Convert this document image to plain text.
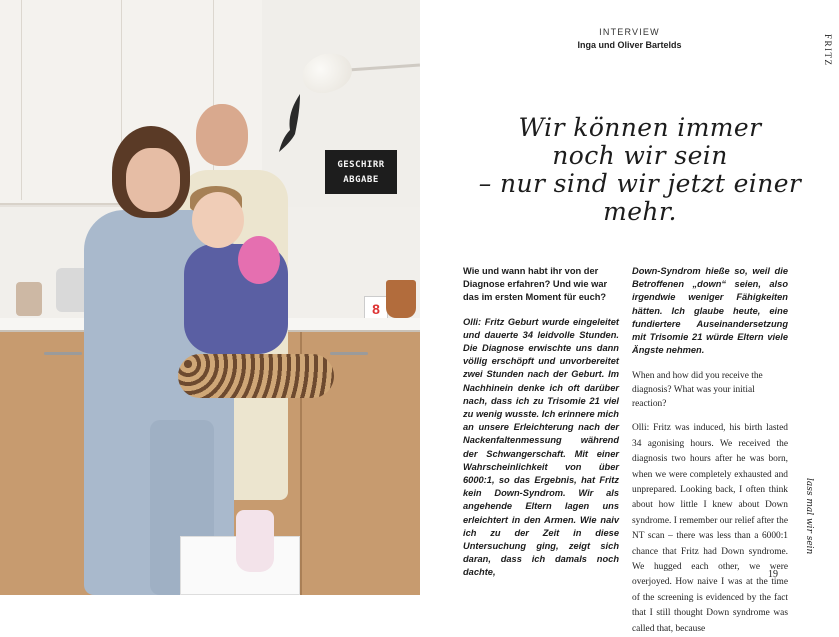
GESCHIRR
ABGABE
8
INTERVIEW
Inga und Oliver Bartelds	FRITZ
Wir können immer
noch wir sein
– nur sind wir jetzt einer
mehr.

Wie und wann habt ihr von der Diagnose erfahren? Und wie war das im ersten Moment für euch?

Olli: Fritz Geburt wurde eingeleitet und dauerte 34 leidvolle Stunden. Die Diagnose erwischte uns dann völlig erschöpft und unvorbereitet zwei Stunden nach der Geburt. Im Nachhinein denke ich oft darüber nach, dass ich zu Trisomie 21 viel zu wenig wusste. Ich erinnere mich an unsere Erleichterung nach der Nackenfaltenmessung während der Schwangerschaft. Mit einer Wahrscheinlichkeit von über 6000:1, so das Ergebnis, hat Fritz kein Down-Syndrom. Wir als angehende Eltern lagen uns erleichtert in den Armen. Wie naiv ich zu der Zeit in diese Untersuchung ging, zeigt sich daran, dass ich damals noch dachte,

Down-Syndrom hieße so, weil die Betroffenen „down“ seien, also irgendwie weniger Fähigkeiten hätten. Ich glaube heute, eine fundiertere Auseinandersetzung mit Trisomie 21 würde Eltern viele Ängste nehmen.

When and how did you receive the diagnosis? What was your initial reaction?

Olli: Fritz was induced, his birth lasted 34 agonising hours. We received the diagnosis two hours after he was born, when we were completely exhausted and unprepared. Looking back, I often think about how little I knew about Down syndrome. I remember our relief after the NT scan – there was less than a 6000:1 chance that Fritz had Down syndrome. We hugged each other, we were overjoyed. How naive I was at the time of the screening is evidenced by the fact that I still thought Down syndrome was called that, because

lass mal wir sein
19
